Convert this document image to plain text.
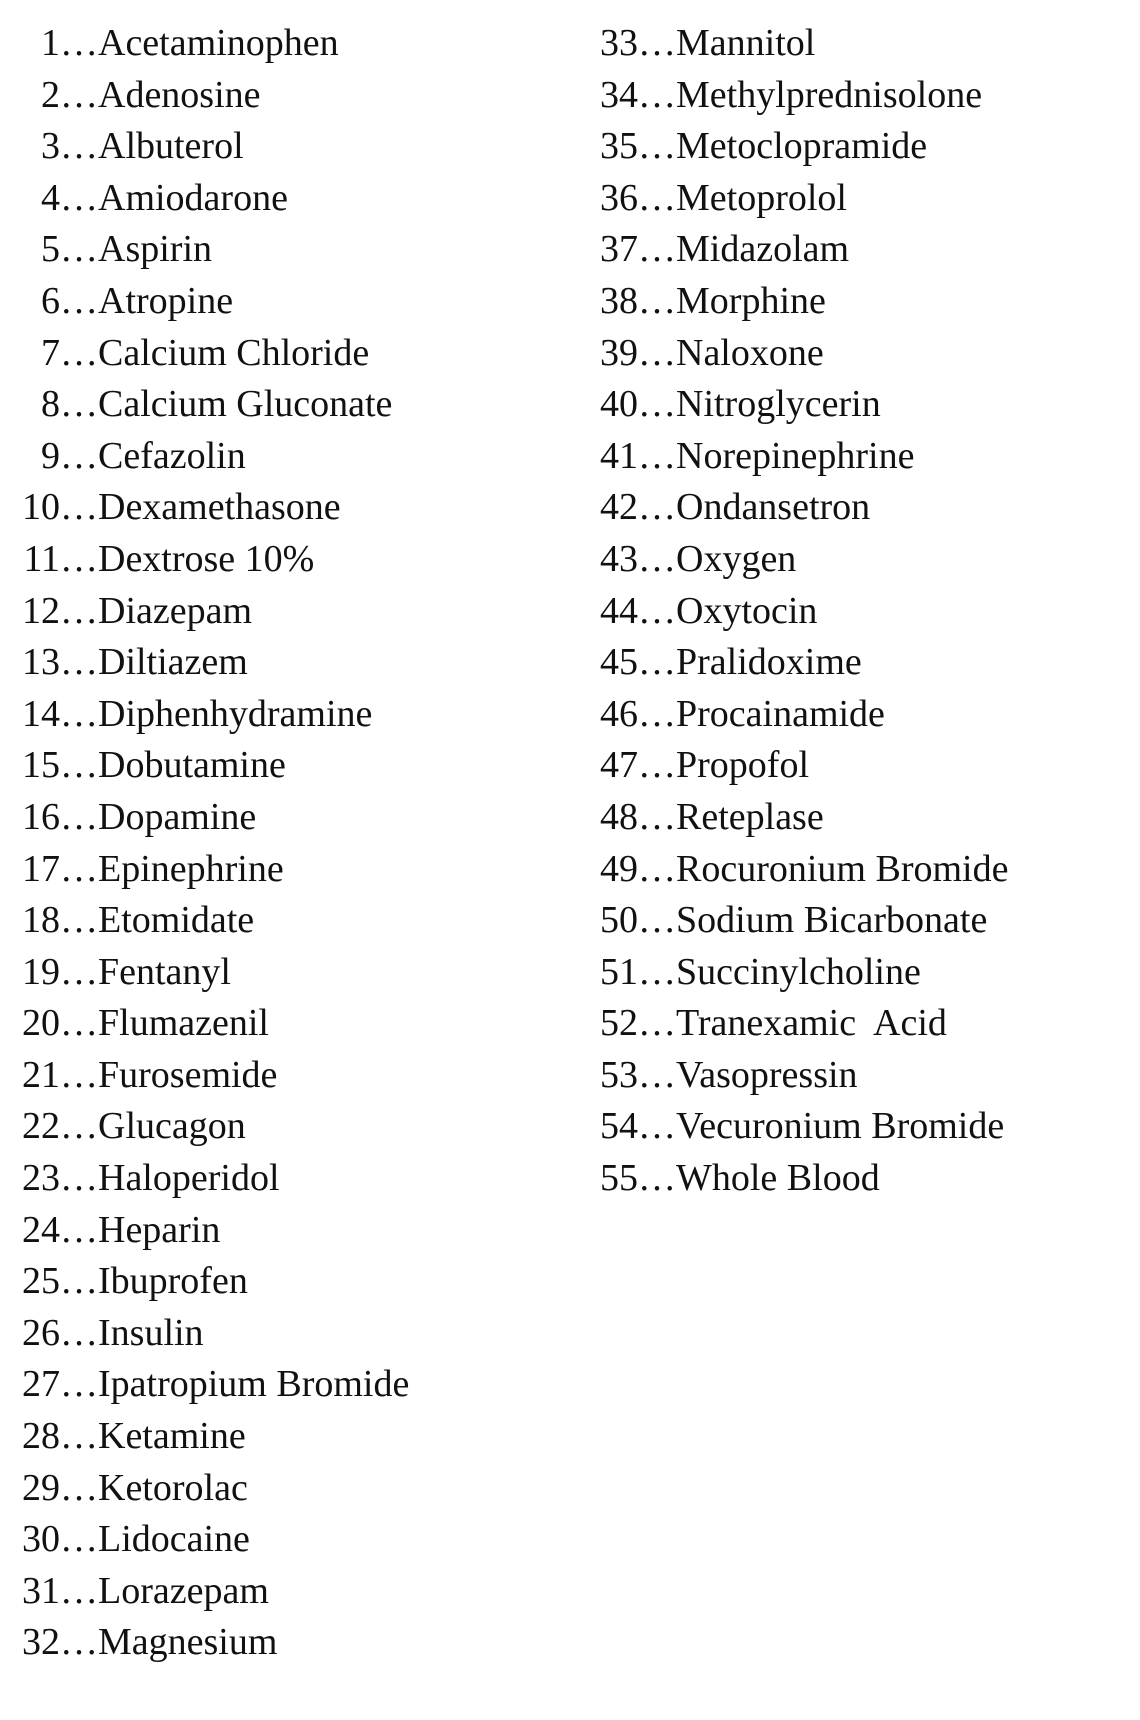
1 … Acetaminophen
2 … Adenosine
3 … Albuterol
4 … Amiodarone
5 … Aspirin
6 … Atropine
7 … Calcium Chloride
8 … Calcium Gluconate
9 … Cefazolin
10 … Dexamethasone
11 … Dextrose 10%
12 … Diazepam
13 … Diltiazem
14 … Diphenhydramine
15 … Dobutamine
16 … Dopamine
17 … Epinephrine
18 … Etomidate
19 … Fentanyl
20 … Flumazenil
21 … Furosemide
22 … Glucagon
23 … Haloperidol
24 … Heparin
25 … Ibuprofen
26 … Insulin
27 … Ipatropium Bromide
28 … Ketamine
29 … Ketorolac
30 … Lidocaine
31 … Lorazepam
32 … Magnesium
33 … Mannitol
34 … Methylprednisolone
35 … Metoclopramide
36 … Metoprolol
37 … Midazolam
38 … Morphine
39 … Naloxone
40 … Nitroglycerin
41 … Norepinephrine
42 … Ondansetron
43 … Oxygen
44 … Oxytocin
45 … Pralidoxime
46 … Procainamide
47 … Propofol
48 … Reteplase
49 … Rocuronium Bromide
50 … Sodium Bicarbonate
51 … Succinylcholine
52 … Tranexamic  Acid
53 … Vasopressin
54 … Vecuronium Bromide
55 … Whole Blood
